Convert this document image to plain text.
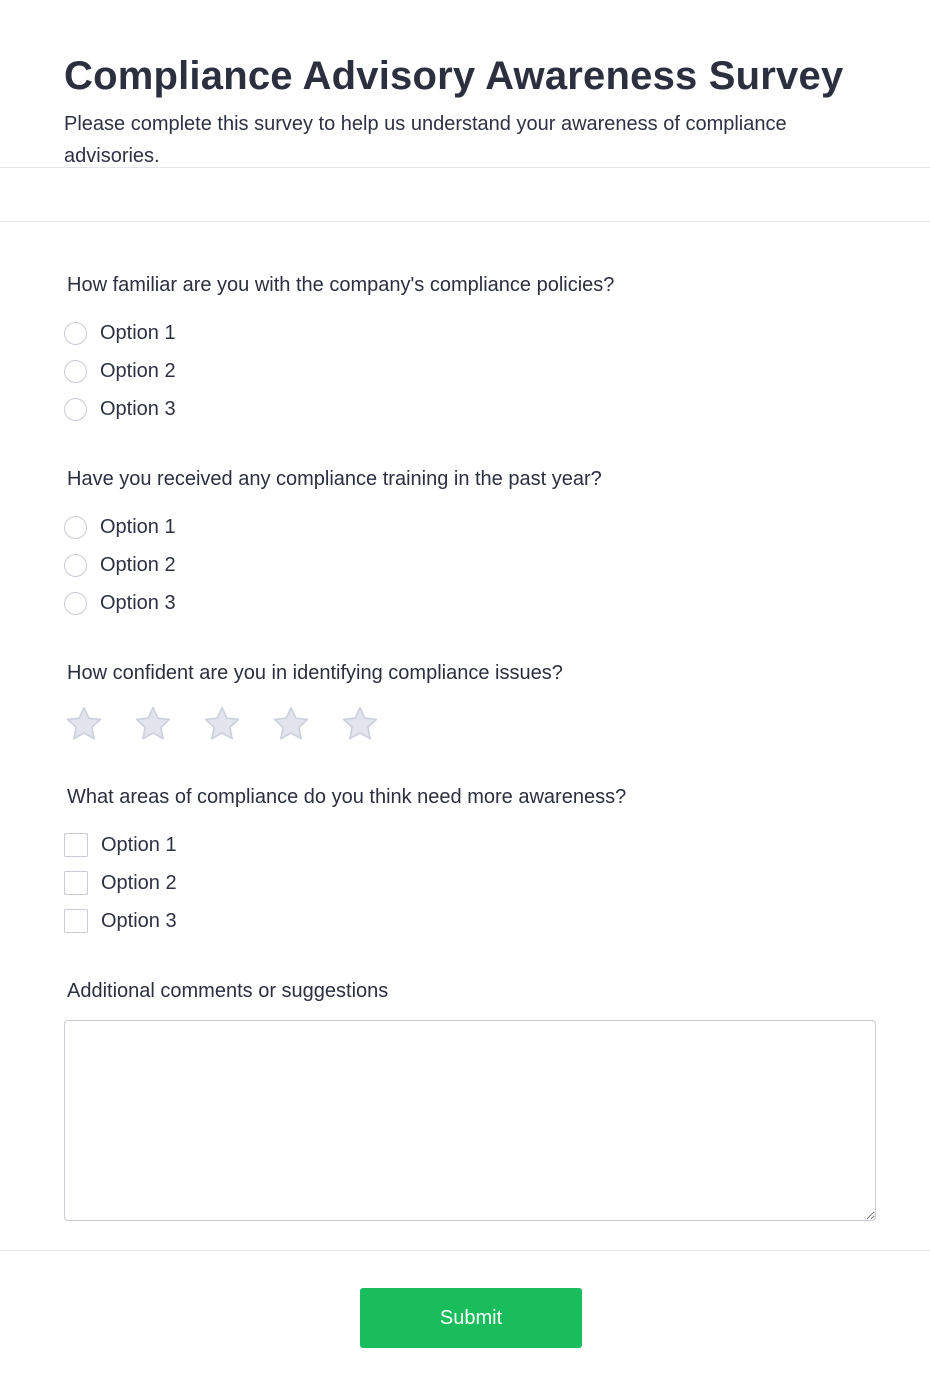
Compliance Advisory Awareness Survey

Please complete this survey to help us understand your awareness of compliance advisories.

How familiar are you with the company's compliance policies?

Option 1
Option 2
Option 3

Have you received any compliance training in the past year?

Option 1
Option 2
Option 3

How confident are you in identifying compliance issues?

What areas of compliance do you think need more awareness?

Option 1
Option 2
Option 3

Additional comments or suggestions

Submit
